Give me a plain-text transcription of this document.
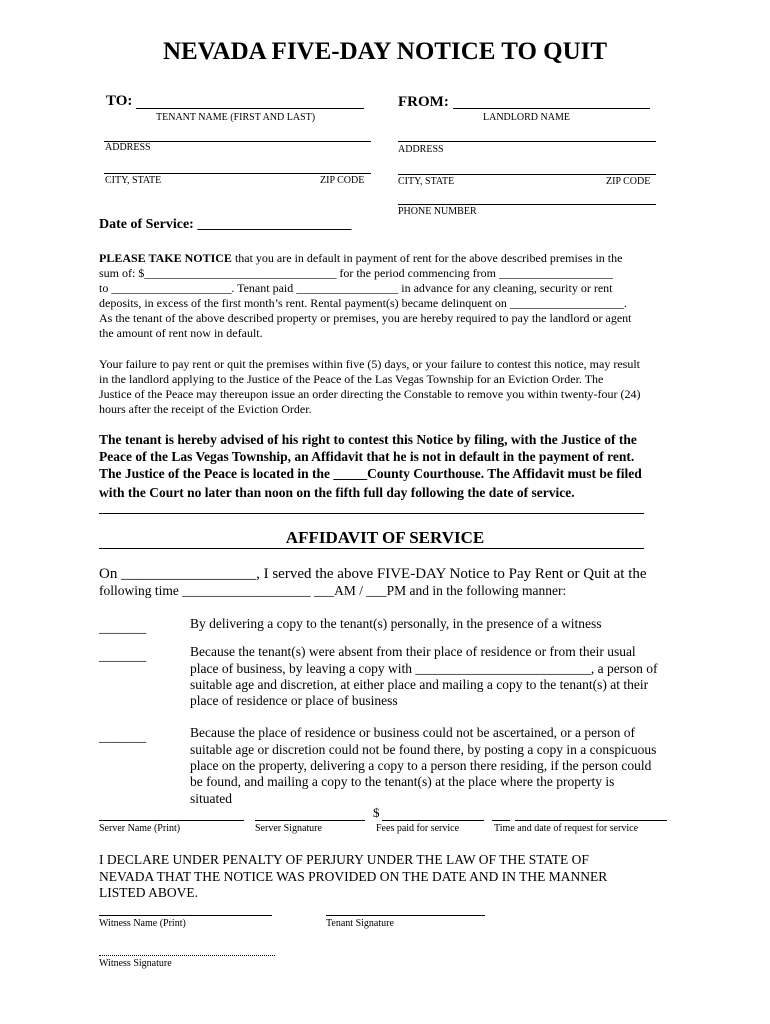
NEVADA FIVE-DAY NOTICE TO QUIT
TO:
TENANT NAME (FIRST AND LAST)
ADDRESS
CITY, STATE	ZIP CODE
FROM:
LANDLORD NAME
ADDRESS
CITY, STATE	ZIP CODE
PHONE NUMBER
Date of Service: ______________________
PLEASE TAKE NOTICE that you are in default in payment of rent for the above described premises in the
sum of: $________________________________ for the period commencing from ___________________
to ____________________. Tenant paid _________________ in advance for any cleaning, security or rent
deposits, in excess of the first month’s rent. Rental payment(s) became delinquent on ___________________.
As the tenant of the above described property or premises, you are hereby required to pay the landlord or agent
the amount of rent now in default.
Your failure to pay rent or quit the premises within five (5) days, or your failure to contest this notice, may result
in the landlord applying to the Justice of the Peace of the Las Vegas Township for an Eviction Order. The
Justice of the Peace may thereupon issue an order directing the Constable to remove you within twenty-four (24)
hours after the receipt of the Eviction Order.
The tenant is hereby advised of his right to contest this Notice by filing, with the Justice of the
Peace of the Las Vegas Township, an Affidavit that he is not in default in the payment of rent.
The Justice of the Peace is located in the _____County Courthouse. The Affidavit must be filed
with the Court no later than noon on the fifth full day following the date of service.
AFFIDAVIT OF SERVICE
On __________________, I served the above FIVE-DAY Notice to Pay Rent or Quit at the
following time ___________________ ___AM / ___PM and in the following manner:
_______	By delivering a copy to the tenant(s) personally, in the presence of a witness
_______	Because the tenant(s) were absent from their place of residence or from their usual
place of business, by leaving a copy with __________________________, a person of
suitable age and discretion, at either place and mailing a copy to the tenant(s) at their
place of residence or place of business
_______	Because the place of residence or business could not be ascertained, or a person of
suitable age or discretion could not be found there, by posting a copy in a conspicuous
place on the property, delivering a copy to a person there residing, if the person could
be found, and mailing a copy to the tenant(s) at the place where the property is
situated
$
Server Name (Print)	Server Signature	Fees paid for service	Time and date of request for service
I DECLARE UNDER PENALTY OF PERJURY UNDER THE LAW OF THE STATE OF
NEVADA THAT THE NOTICE WAS PROVIDED ON THE DATE AND IN THE MANNER
LISTED ABOVE.
Witness Name (Print)	Tenant Signature
Witness Signature
